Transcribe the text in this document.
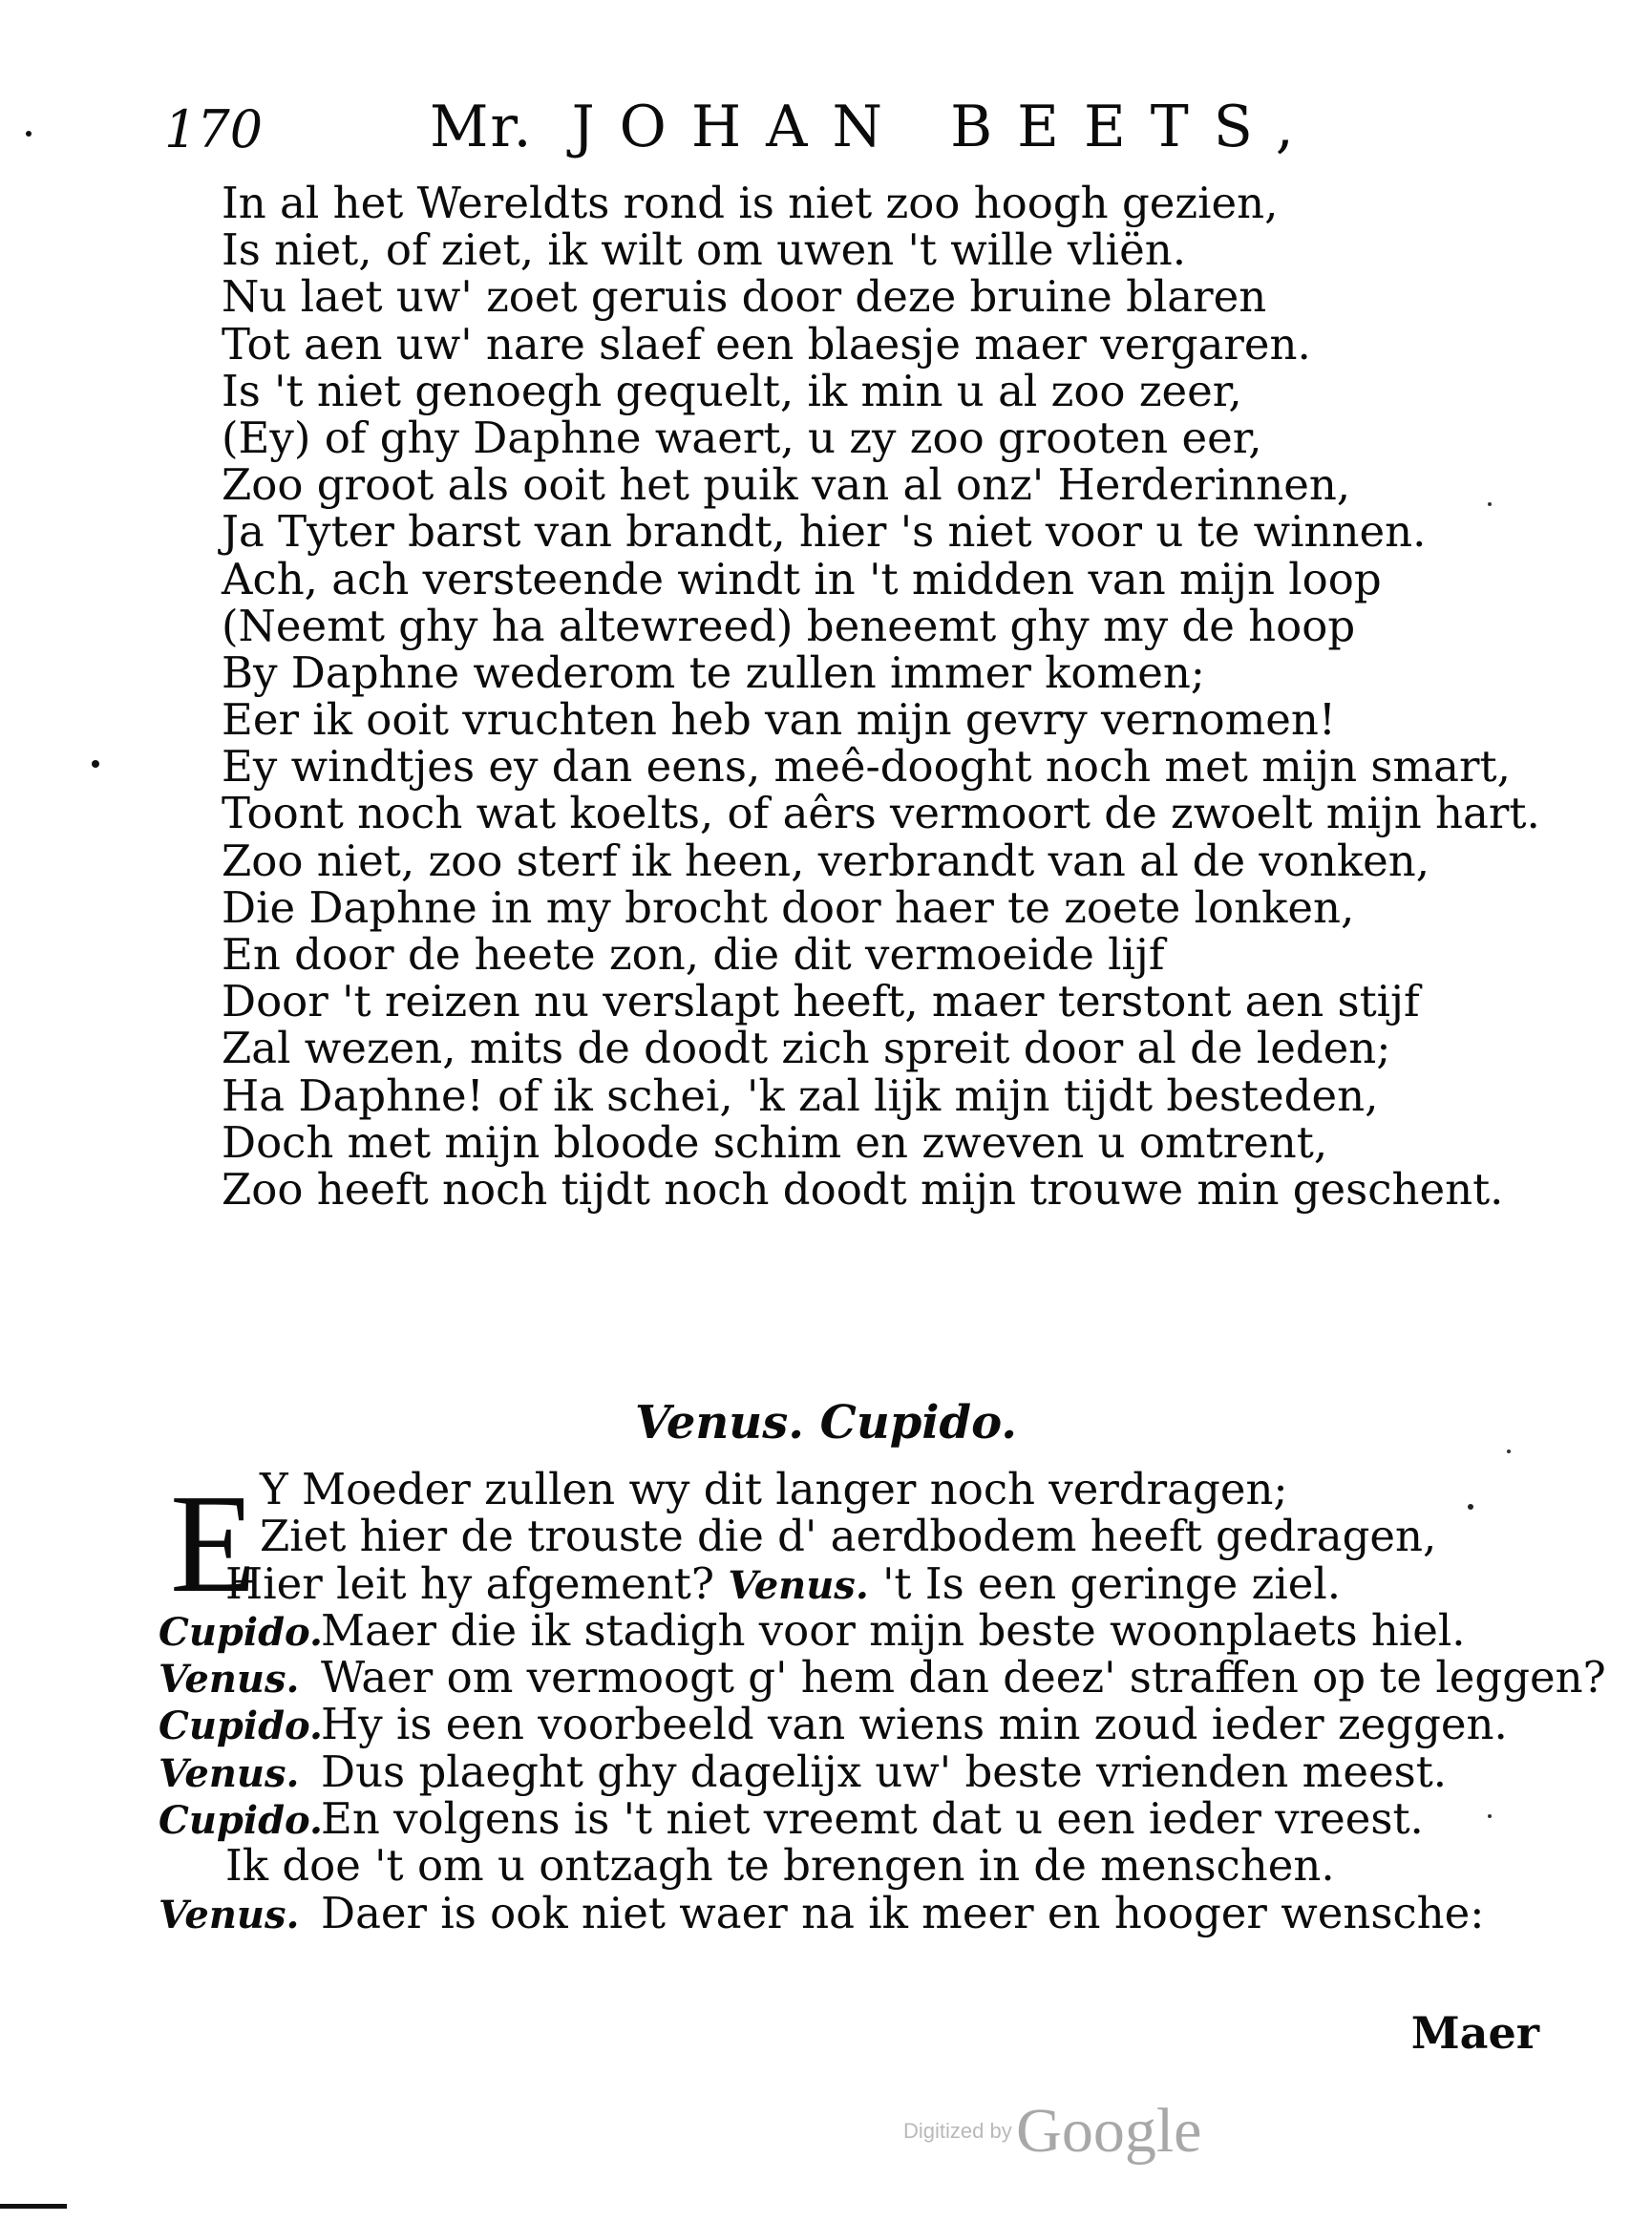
170	Mr. JOHAN BEETS,
In al het Wereldts rond is niet zoo hoogh gezien,
Is niet, of ziet, ik wilt om uwen 't wille vliën.
Nu laet uw' zoet geruis door deze bruine blaren
Tot aen uw' nare slaef een blaesje maer vergaren.
Is 't niet genoegh gequelt, ik min u al zoo zeer,
(Ey) of ghy Daphne waert, u zy zoo grooten eer,
Zoo groot als ooit het puik van al onz' Herderinnen,
Ja Tyter barst van brandt, hier 's niet voor u te winnen.
Ach, ach versteende windt in 't midden van mijn loop
(Neemt ghy ha altewreed) beneemt ghy my de hoop
By Daphne wederom te zullen immer komen;
Eer ik ooit vruchten heb van mijn gevry vernomen!
Ey windtjes ey dan eens, meê-dooght noch met mijn smart,
Toont noch wat koelts, of aêrs vermoort de zwoelt mijn hart.
Zoo niet, zoo sterf ik heen, verbrandt van al de vonken,
Die Daphne in my brocht door haer te zoete lonken,
En door de heete zon, die dit vermoeide lijf
Door 't reizen nu verslapt heeft, maer terstont aen stijf
Zal wezen, mits de doodt zich spreit door al de leden;
Ha Daphne! of ik schei, 'k zal lijk mijn tijdt besteden,
Doch met mijn bloode schim en zweven u omtrent,
Zoo heeft noch tijdt noch doodt mijn trouwe min geschent.
Venus. Cupido.
E Y Moeder zullen wy dit langer noch verdragen;
Ziet hier de trouste die d' aerdbodem heeft gedragen,
Hier leit hy afgement? Venus. 't Is een geringe ziel.
Cupido.Maer die ik stadigh voor mijn beste woonplaets hiel.
Venus. Waer om vermoogt g' hem dan deez' straffen op te leggen?
Cupido.Hy is een voorbeeld van wiens min zoud ieder zeggen.
Venus. Dus plaeght ghy dagelijx uw' beste vrienden meest.
Cupido.En volgens is 't niet vreemt dat u een ieder vreest.
Ik doe 't om u ontzagh te brengen in de menschen.
Venus. Daer is ook niet waer na ik meer en hooger wensche:
Maer
Digitized by Google
